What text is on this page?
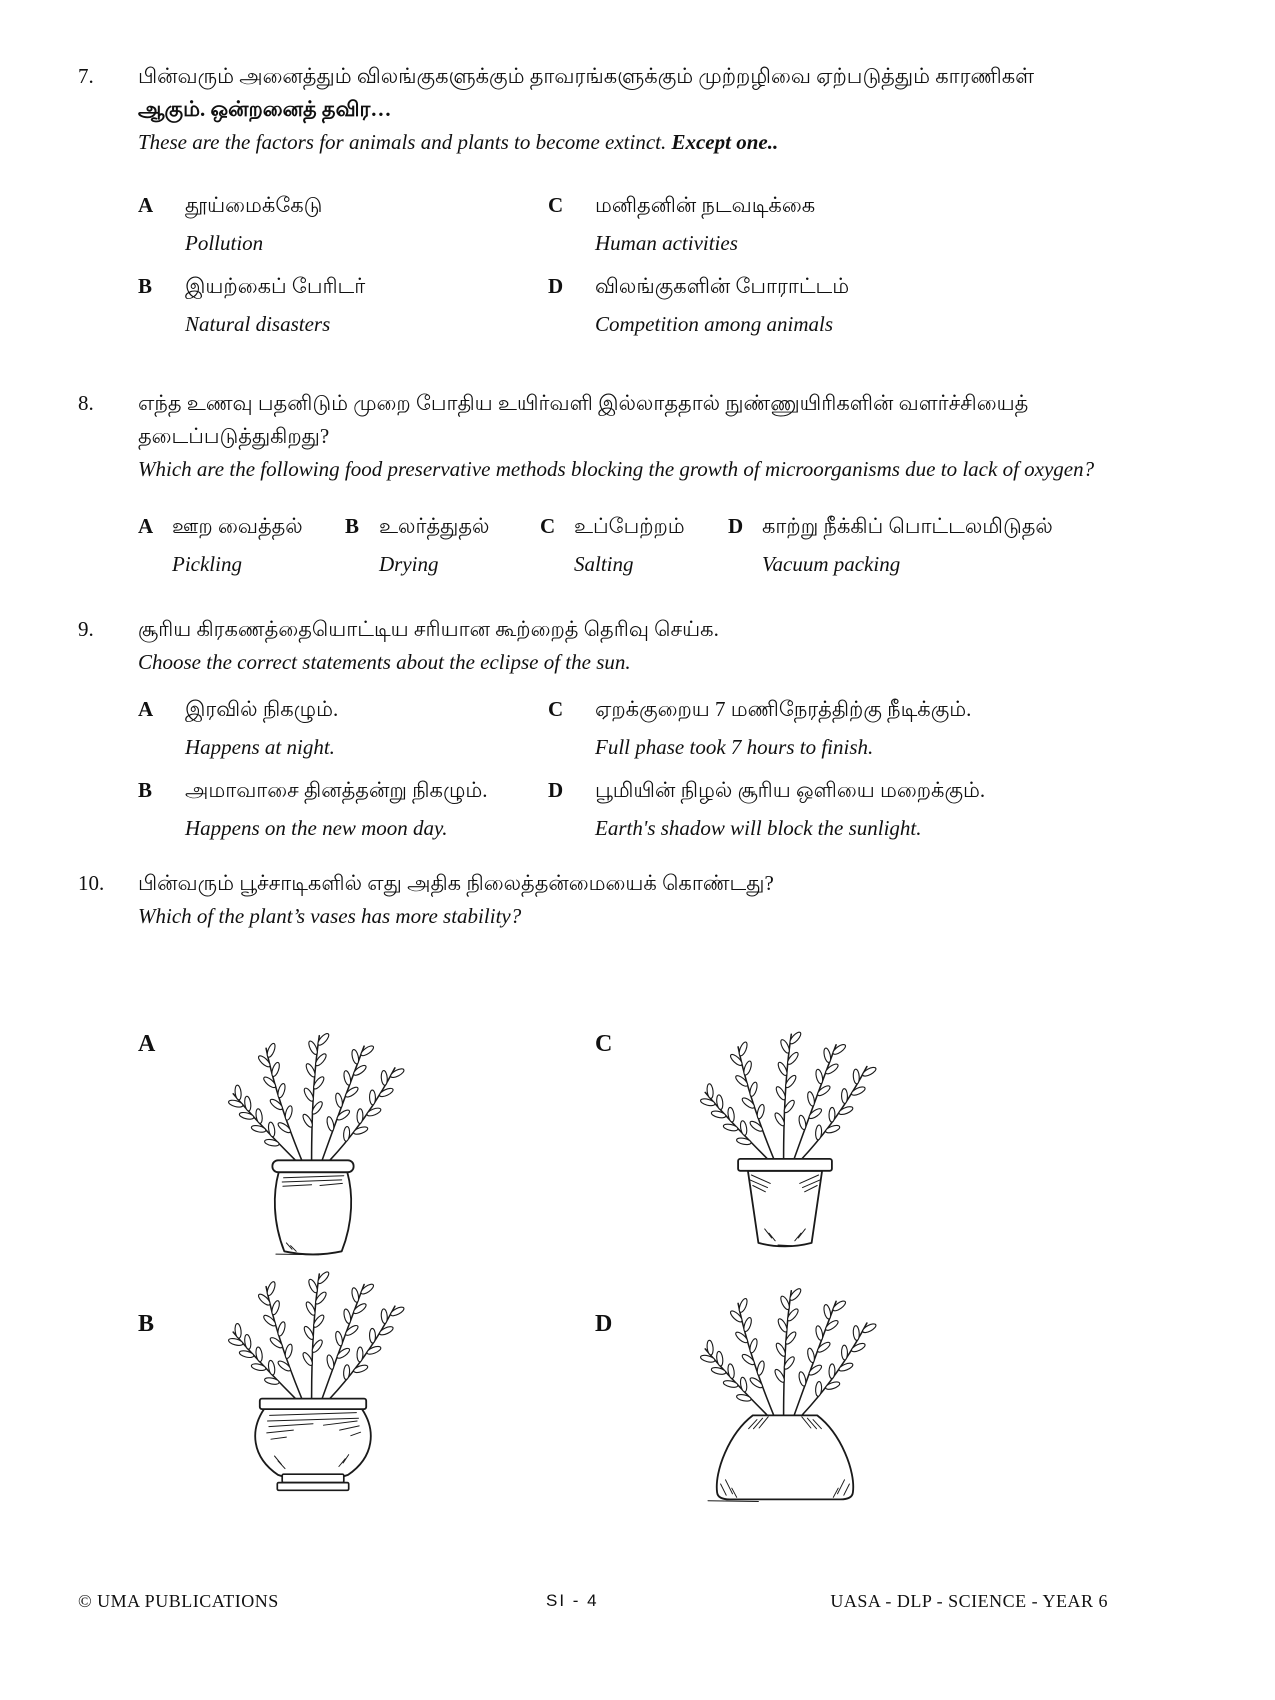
7.	பின்வரும் அனைத்தும் விலங்குகளுக்கும் தாவரங்களுக்கும் முற்றழிவை ஏற்படுத்தும் காரணிகள்

ஆகும். ஒன்றனைத் தவிர…

These are the factors for animals and plants to become extinct. Except one..

A	தூய்மைக்கேடு
Pollution
C	மனிதனின் நடவடிக்கை
Human activities
B	இயற்கைப் பேரிடர்
Natural disasters
D	விலங்குகளின் போராட்டம்
Competition among animals
8.	எந்த உணவு பதனிடும் முறை போதிய உயிர்வளி இல்லாததால் நுண்ணுயிரிகளின் வளர்ச்சியைத் தடைப்படுத்துகிறது?

Which are the following food preservative methods blocking the growth of microorganisms due to lack of oxygen?

A ஊற வைத்தல்
Pickling
B உலர்த்துதல்
Drying
C உப்பேற்றம்
Salting
D காற்று நீக்கிப் பொட்டலமிடுதல்
Vacuum packing
9.	சூரிய கிரகணத்தையொட்டிய சரியான கூற்றைத் தெரிவு செய்க.

Choose the correct statements about the eclipse of the sun.

A	இரவில் நிகழும்.
Happens at night.
C	ஏறக்குறைய 7 மணிநேரத்திற்கு நீடிக்கும்.
Full phase took 7 hours to finish.
B	அமாவாசை தினத்தன்று நிகழும்.
Happens on the new moon day.
D	பூமியின் நிழல் சூரிய ஒளியை மறைக்கும்.
Earth's shadow will block the sunlight.
10.	பின்வரும் பூச்சாடிகளில் எது அதிக நிலைத்தன்மையைக் கொண்டது?

Which of the plant’s vases has more stability?

A	C
B	D
© UMA PUBLICATIONS	SI - 4	UASA - DLP - SCIENCE - YEAR 6
